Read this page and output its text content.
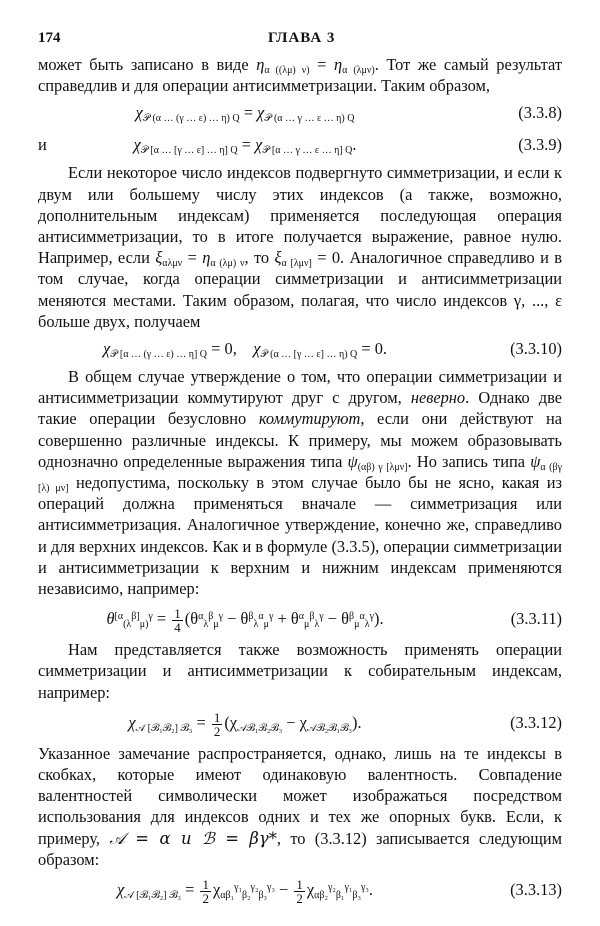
174	ГЛАВА 3

может быть записано в виде $\eta_{\alpha ((\lambda\mu) \nu)} = \eta_{\alpha (\lambda\mu\nu)}$. Тот же самый результат справедлив и для операции антисимметризации. Таким образом,

$\chi_{𝒫 (\alpha \dots (\gamma \dots \varepsilon) \dots \eta) Q} = \chi_{𝒫 (\alpha \dots \gamma \dots \varepsilon \dots \eta) Q}$	(3.3.8)
и	$\chi_{𝒫 [\alpha \dots [\gamma \dots \varepsilon] \dots \eta] Q} = \chi_{𝒫 [\alpha \dots \gamma \dots \varepsilon \dots \eta] Q}$.	(3.3.9)

Если некоторое число индексов подвергнуто симметризации, и если к двум или большему числу этих индексов (а также, возможно, дополнительным индексам) применяется последующая операция антисимметризации, то в итоге получается выражение, равное нулю. Например, если $\xi_{\alpha\lambda\mu\nu} = \eta_{\alpha (\lambda\mu) \nu}$, то $\xi_{\alpha [\lambda\mu\nu]} = 0$. Аналогичное справедливо и в том случае, когда операции симметризации и антисимметризации меняются местами. Таким образом, полагая, что число индексов γ, ..., ε больше двух, получаем

$\chi_{𝒫 [\alpha \dots (\gamma \dots \varepsilon) \dots \eta] Q} = 0$,    $\chi_{𝒫 (\alpha \dots [\gamma \dots \varepsilon] \dots \eta) Q} = 0$.	(3.3.10)

В общем случае утверждение о том, что операции симметризации и антисимметризации коммутируют друг с другом, неверно. Однако две такие операции безусловно коммутируют, если они действуют на совершенно различные индексы. К примеру, мы можем образовывать однозначно определенные выражения типа $\psi_{(\alpha\beta) \gamma [\lambda\mu\nu]}$. Но запись типа $\psi_{\alpha (\beta\gamma [\lambda) \mu\nu]}$ недопустима, поскольку в этом случае было бы не ясно, какая из операций должна применяться вначале — симметризация или антисимметризация. Аналогичное утверждение, конечно же, справедливо и для верхних индексов. Как и в формуле (3.3.5), операции симметризации и антисимметризации к верхним и нижним индексам применяются независимо, например:

$\theta^{[\alpha}_{(\lambda}^{\beta]}_{\mu)}^\gamma = \frac{1}{4} (\theta^\alpha_\lambda^\beta_\mu^\gamma - \theta^\beta_\lambda^\alpha_\mu^\gamma + \theta^\alpha_\mu^\beta_\lambda^\gamma - \theta^\beta_\mu^\alpha_\lambda^\gamma)$.	(3.3.11)

Нам представляется также возможность применять операции симметризации и антисимметризации к собирательным индексам, например:

$\chi_{𝒜 [ℬ_1ℬ_2] ℬ_3} = \frac{1}{2} (\chi_{𝒜ℬ_1ℬ_2ℬ_3} - \chi_{𝒜ℬ_2ℬ_1ℬ_3})$.	(3.3.12)

Указанное замечание распространяется, однако, лишь на те индексы в скобках, которые имеют одинаковую валентность. Совпадение валентностей символически может изображаться посредством использования для индексов одних и тех же опорных букв. Если, к примеру, 𝒜 = α и ℬ = βγ*, то (3.3.12) записывается следующим образом:

$\chi_{𝒜 [ℬ_1ℬ_2] ℬ_3} = \frac{1}{2} \chi_{\alpha\beta_1}^{\gamma_1}_{\beta_2}^{\gamma_2}_{\beta_3}^{\gamma_3} - \frac{1}{2} \chi_{\alpha\beta_2}^{\gamma_2}_{\beta_1}^{\gamma_1}_{\beta_3}^{\gamma_3}$.	(3.3.13)
